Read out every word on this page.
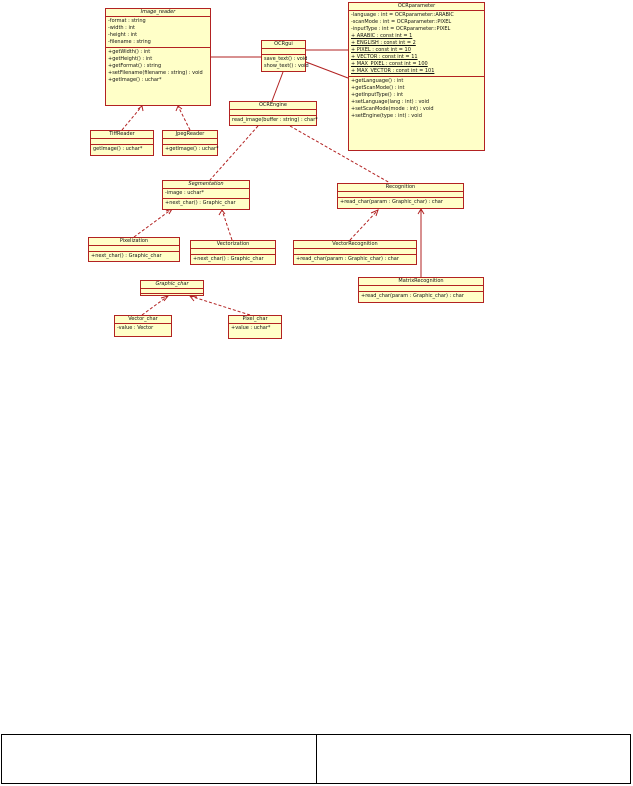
Image_reader
-format : string
-width : int
-height : int
-filename : string
+getWidth() : int
+getHeight() : int
+getFormat() : string
+setFilename(filename : string) : void
+getImage() : uchar*
OCRgui
save_text() : void
show_text() : void
OCRparameter
-language : int = OCRparameter::ARABIC
-scanMode : int = OCRparameter::PIXEL
-inputType : int = OCRparameter::PIXEL
+ ARABIC : const int = 1
+ ENGLISH : const int = 2
+ PIXEL : const int = 10
+ VECTOR : const int = 11
+ MAX_PIXEL : const int = 100
+ MAX_VECTOR : const int = 101
+getLanguage() : int
+getScanMode() : int
+getInputType() : int
+setLanguage(lang : int) : void
+setScanMode(mode : int) : void
+setEngine(type : int) : void
OCREngine
read_image(buffer : string) : char*
TiffReader
getImage() : uchar*
JpegReader
+getImage() : uchar*
Segmentation
-image : uchar*
+next_char() : Graphic_char
Recognition
+read_char(param : Graphic_char) : char
Pixelization
+next_char() : Graphic_char
Vectorization
+next_char() : Graphic_char
VectorRecognition
+read_char(param : Graphic_char) : char
MatrixRecognition
+read_char(param : Graphic_char) : char
Graphic_char
Vector_char
-value : Vector
Pixel_char
+value : uchar*
